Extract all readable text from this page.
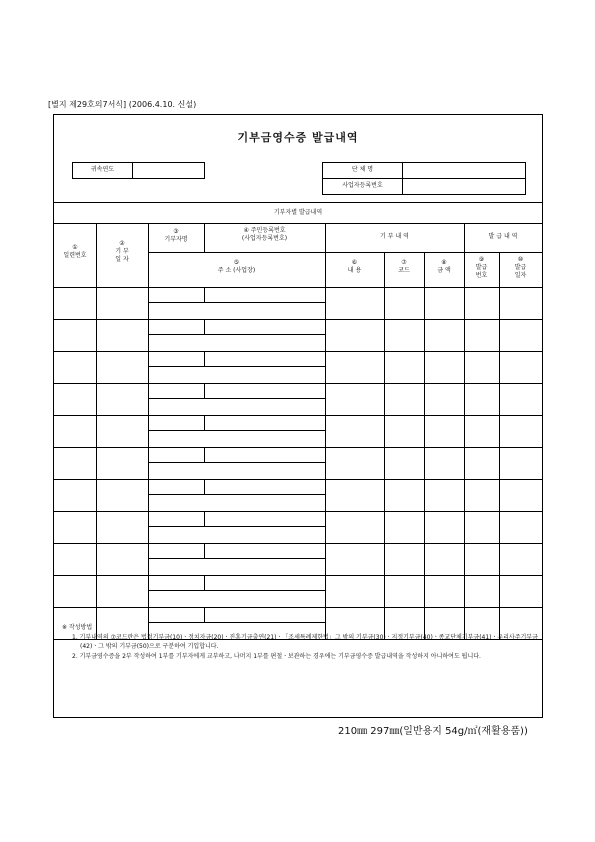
[별지 제29호의7서식] (2006.4.10. 신설)
기부금영수증 발급내역
귀속연도	단 체 명
사업자등록번호
기부자별 발급내역
①
일련번호
②
기 부
일 자
③
기부자명
④ 주민등록번호
(사업자등록번호)
⑤
주 소 (사업장)
기 부 내 역	발 급 내 역
⑥
내 용
⑦
코드
⑧
금 액
⑨
발급
번호
⑩
발급
일자

※ 작성방법

1. 기부내역의 ⑦코드란은 법정기부금(10)ㆍ정치자금(20)ㆍ진흥기금출연(21)ㆍ「조세특례제한법」그 밖의 기부금(30)ㆍ지정기부금(40)ㆍ종교단체기부금(41)ㆍ우리사주기부금(42)ㆍ그 밖의 기부금(50)으로 구분하여 기입합니다.

2. 기부금영수증을 2부 작성하여 1부를 기부자에게 교부하고, 나머지 1부를 편철ㆍ보관하는 경우에는 기부금영수증 발급내역을 작성하지 아니하여도 됩니다.

210㎜ 297㎜(일반용지 54g/㎡(재활용품))
